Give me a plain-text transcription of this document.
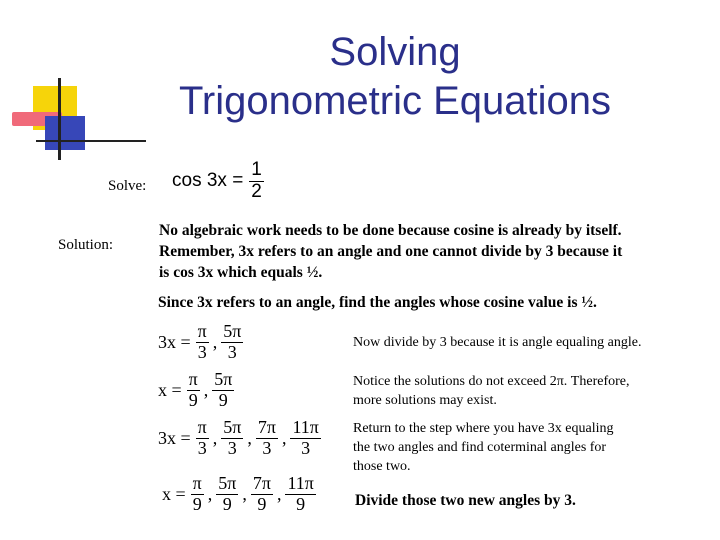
Solving
Trigonometric Equations
Solve: $\cos 3x = \frac{1}{2}$
Solution:
No algebraic work needs to be done because cosine is already by itself.
Remember, 3x refers to an angle and one cannot divide by 3 because it
is cos 3x which equals ½.
Since 3x refers to an angle, find the angles whose cosine value is ½.
$3x = \frac{\pi}{3}$ , $\frac{5\pi}{3}$	Now divide by 3 because it is angle equaling angle.
$x = \frac{\pi}{9}$ , $\frac{5\pi}{9}$	Notice the solutions do not exceed 2π. Therefore,
more solutions may exist.
$3x = \frac{\pi}{3}$ , $\frac{5\pi}{3}$ , $\frac{7\pi}{3}$ , $\frac{11\pi}{3}$ Return to the step where you have 3x equaling
the two angles and find coterminal angles for
those two.
$x = \frac{\pi}{9}$ , $\frac{5\pi}{9}$ , $\frac{7\pi}{9}$ , $\frac{11\pi}{9}$	Divide those two new angles by 3.
